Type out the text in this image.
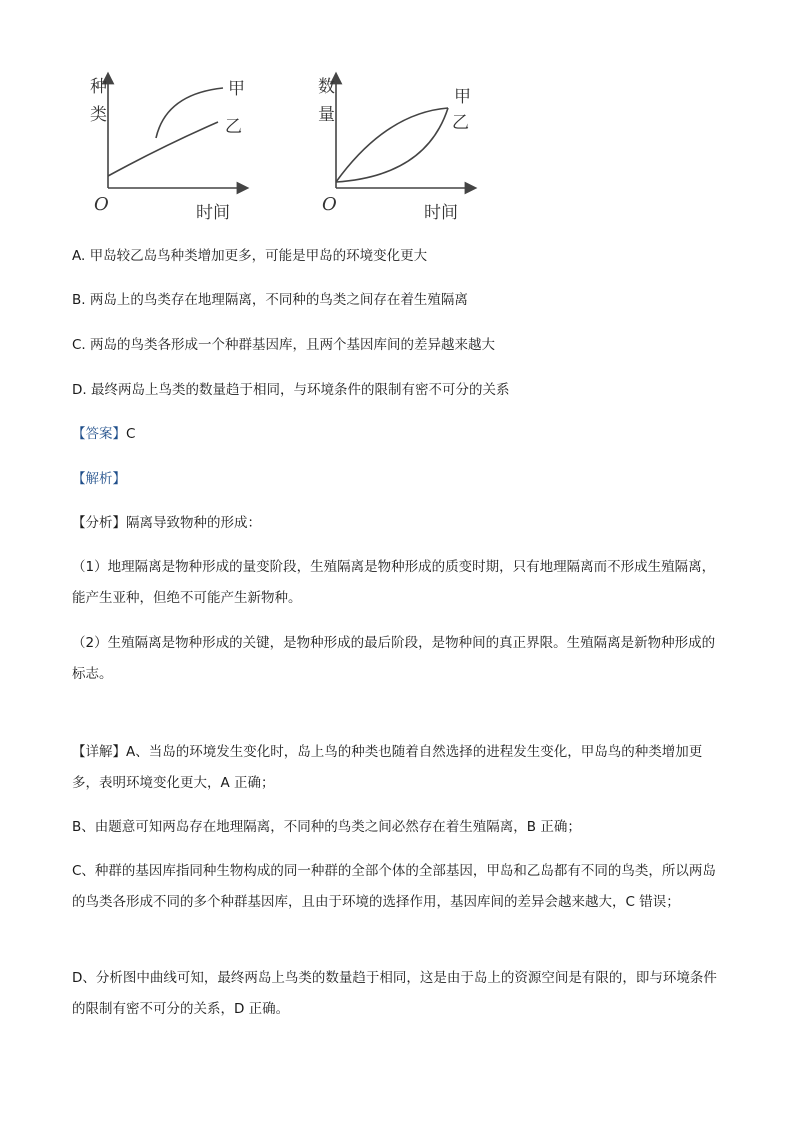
种
类
O	时间
甲
乙
数
量
O	时间
甲
乙
A. 甲岛较乙岛鸟种类增加更多，可能是甲岛的环境变化更大
B. 两岛上的鸟类存在地理隔离，不同种的鸟类之间存在着生殖隔离
C. 两岛的鸟类各形成一个种群基因库，且两个基因库间的差异越来越大
D. 最终两岛上鸟类的数量趋于相同，与环境条件的限制有密不可分的关系
【答案】C
【解析】
【分析】隔离导致物种的形成：
（1）地理隔离是物种形成的量变阶段，生殖隔离是物种形成的质变时期，只有地理隔离而不形成生殖隔离，能产生亚种，但绝不可能产生新物种。
（2）生殖隔离是物种形成的关键，是物种形成的最后阶段，是物种间的真正界限。生殖隔离是新物种形成的标志。
【详解】A、当岛的环境发生变化时，岛上鸟的种类也随着自然选择的进程发生变化，甲岛鸟的种类增加更多，表明环境变化更大，A 正确；
B、由题意可知两岛存在地理隔离，不同种的鸟类之间必然存在着生殖隔离，B 正确；
C、种群的基因库指同种生物构成的同一种群的全部个体的全部基因，甲岛和乙岛都有不同的鸟类，所以两岛的鸟类各形成不同的多个种群基因库，且由于环境的选择作用，基因库间的差异会越来越大，C 错误；
D、分析图中曲线可知，最终两岛上鸟类的数量趋于相同，这是由于岛上的资源空间是有限的，即与环境条件的限制有密不可分的关系，D 正确。
